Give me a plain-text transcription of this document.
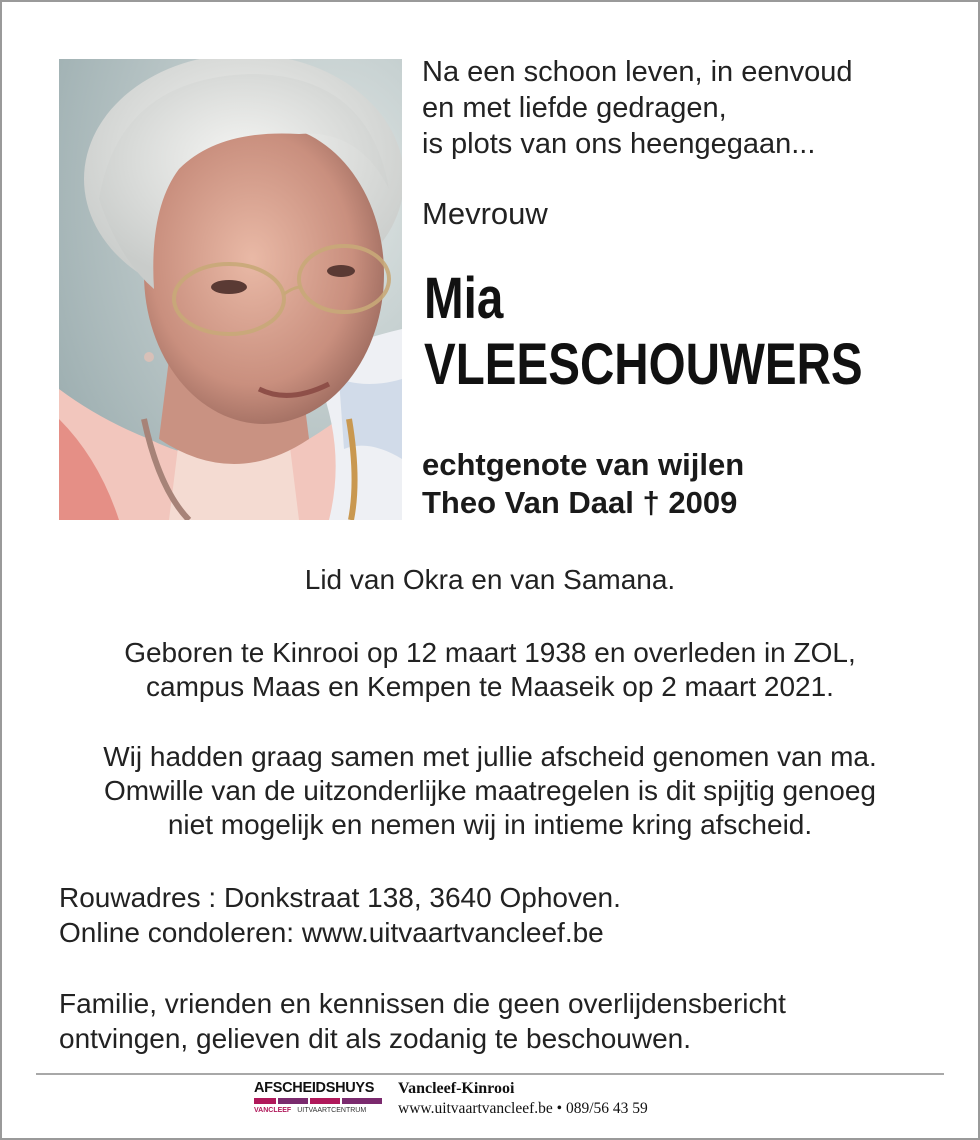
Na een schoon leven, in eenvoud
en met liefde gedragen,
is plots van ons heengegaan...
Mevrouw
Mia
VLEESCHOUWERS
echtgenote van wijlen
Theo Van Daal † 2009
Lid van Okra en van Samana.
Geboren te Kinrooi op 12 maart 1938 en overleden in ZOL,
campus Maas en Kempen te Maaseik op 2 maart 2021.
Wij hadden graag samen met jullie afscheid genomen van ma.
Omwille van de uitzonderlijke maatregelen is dit spijtig genoeg
niet mogelijk en nemen wij in intieme kring afscheid.
Rouwadres : Donkstraat 138, 3640 Ophoven.
Online condoleren: www.uitvaartvancleef.be
Familie, vrienden en kennissen die geen overlijdensbericht
ontvingen, gelieven dit als zodanig te beschouwen.
AFSCHEIDSHUYS
VANCLEEF UITVAARTCENTRUM
Vancleef-Kinrooi
www.uitvaartvancleef.be • 089/56 43 59
